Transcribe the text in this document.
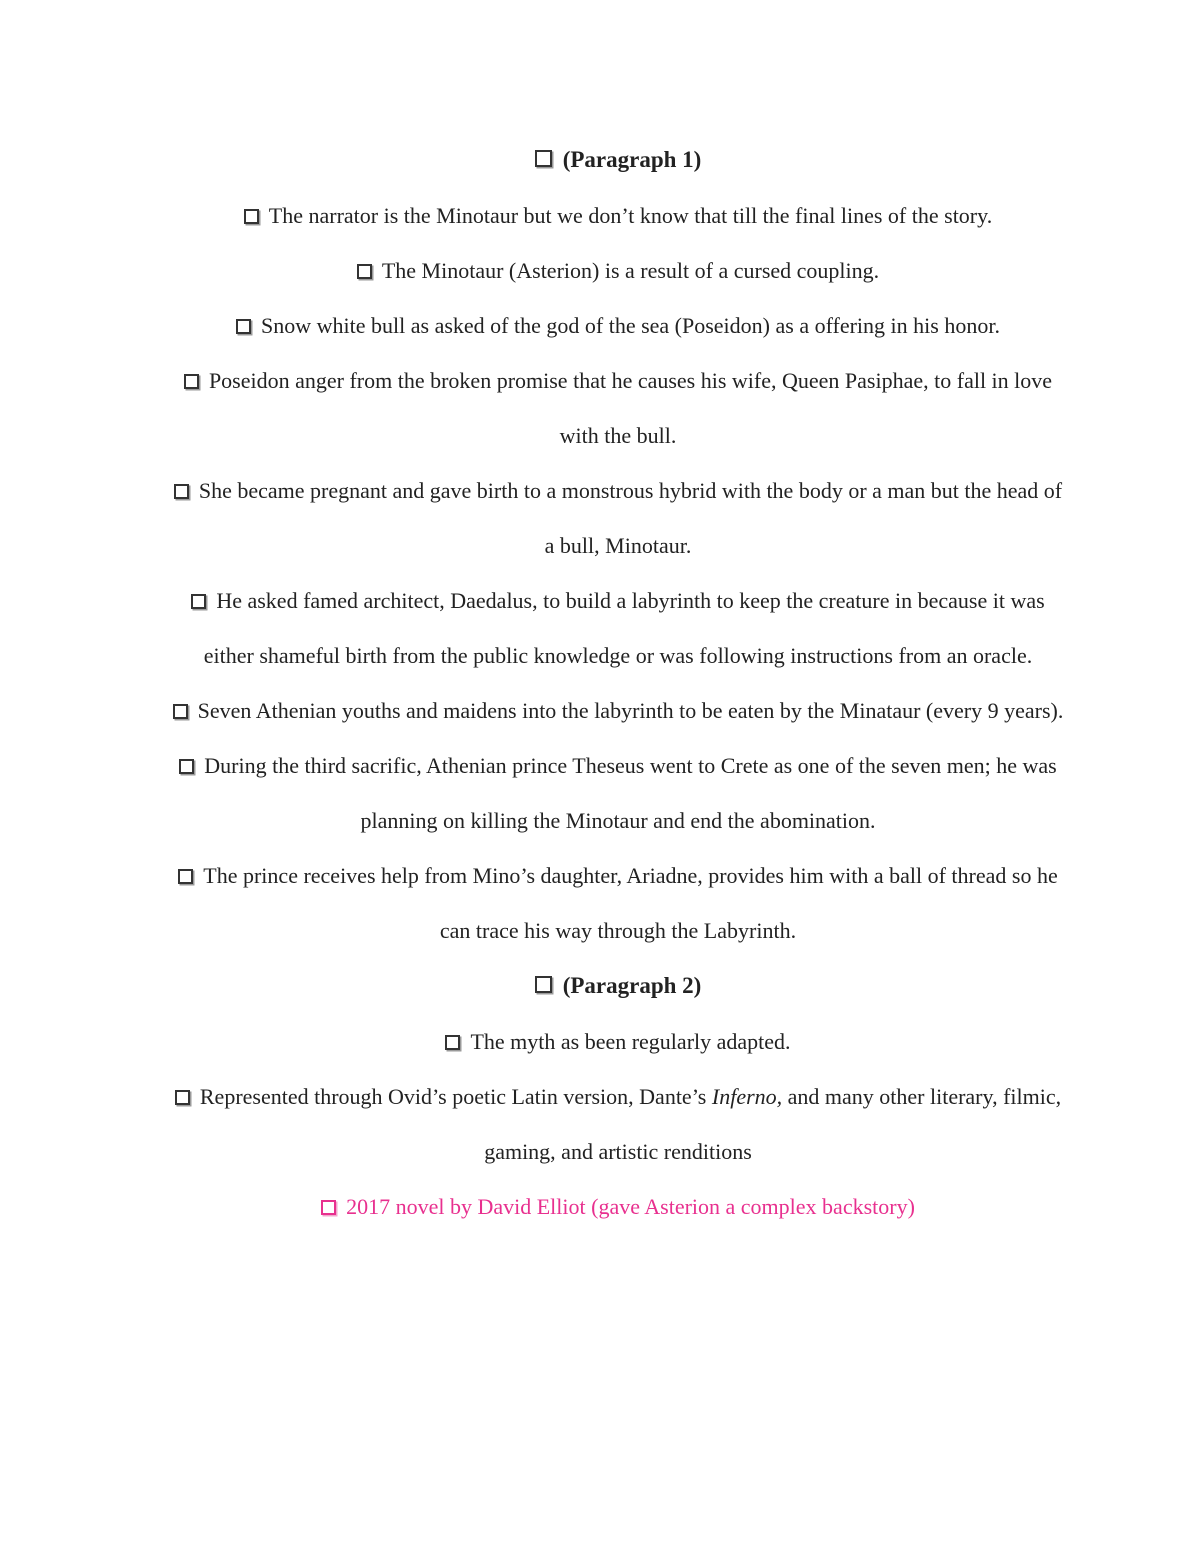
(Paragraph 1)

The narrator is the Minotaur but we don’t know that till the final lines of the story.

The Minotaur (Asterion) is a result of a cursed coupling.

Snow white bull as asked of the god of the sea (Poseidon) as a offering in his honor.

Poseidon anger from the broken promise that he causes his wife, Queen Pasiphae, to fall in love with the bull.

She became pregnant and gave birth to a monstrous hybrid with the body or a man but the head of a bull, Minotaur.

He asked famed architect, Daedalus, to build a labyrinth to keep the creature in because it was either shameful birth from the public knowledge or was following instructions from an oracle.

Seven Athenian youths and maidens into the labyrinth to be eaten by the Minataur (every 9 years).

During the third sacrific, Athenian prince Theseus went to Crete as one of the seven men; he was planning on killing the Minotaur and end the abomination.

The prince receives help from Mino’s daughter, Ariadne, provides him with a ball of thread so he can trace his way through the Labyrinth.

(Paragraph 2)

The myth as been regularly adapted.

Represented through Ovid’s poetic Latin version, Dante’s Inferno, and many other literary, filmic, gaming, and artistic renditions

2017 novel by David Elliot (gave Asterion a complex backstory)
